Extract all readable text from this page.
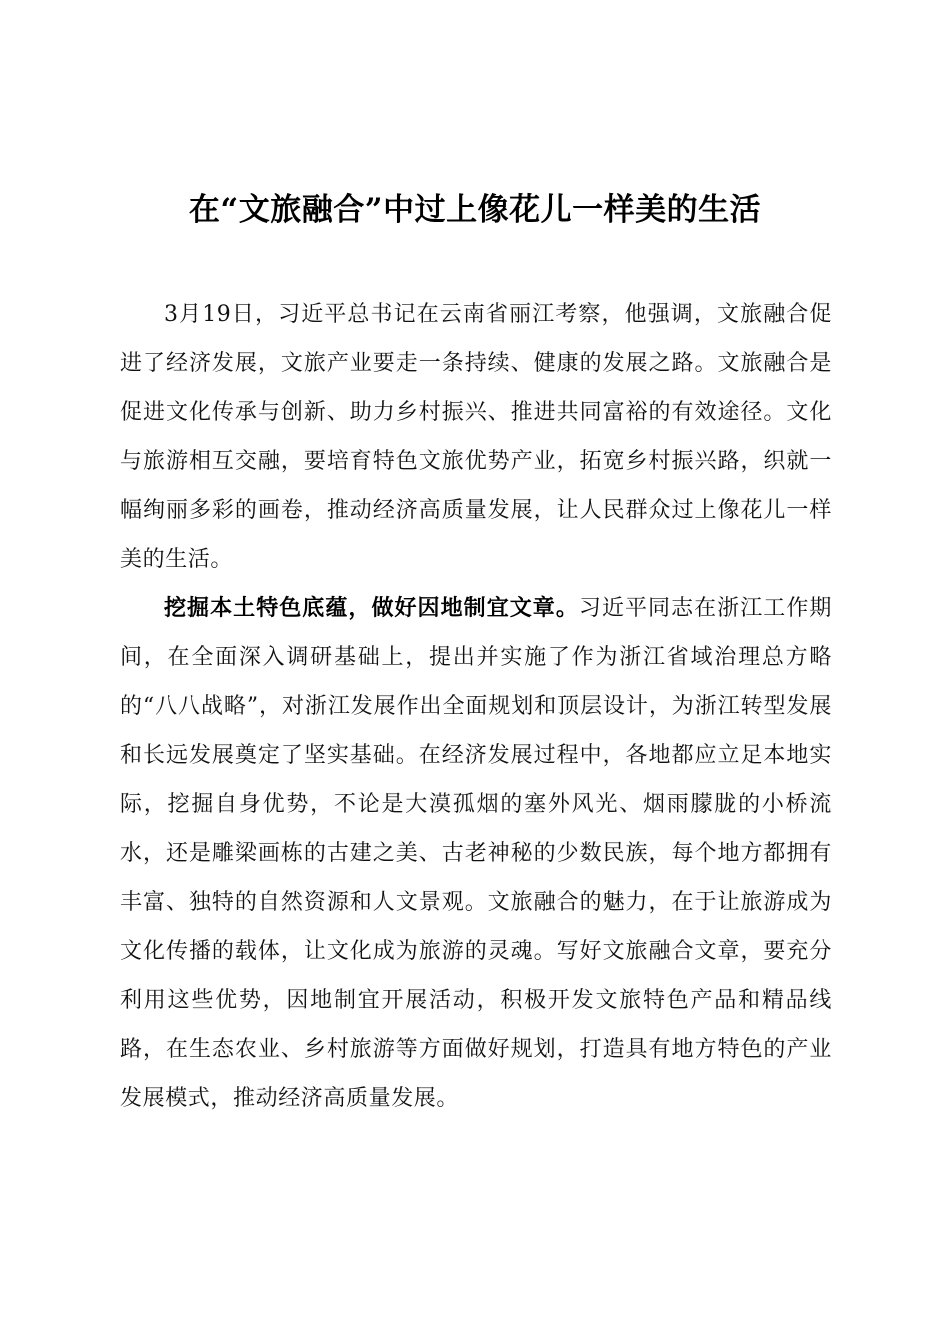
在“文旅融合”中过上像花儿一样美的生活

3月19日，习近平总书记在云南省丽江考察，他强调，文旅融合促进了经济发展，文旅产业要走一条持续、健康的发展之路。文旅融合是促进文化传承与创新、助力乡村振兴、推进共同富裕的有效途径。文化与旅游相互交融，要培育特色文旅优势产业，拓宽乡村振兴路，织就一幅绚丽多彩的画卷，推动经济高质量发展，让人民群众过上像花儿一样美的生活。

挖掘本土特色底蕴，做好因地制宜文章。习近平同志在浙江工作期间，在全面深入调研基础上，提出并实施了作为浙江省域治理总方略的“八八战略”，对浙江发展作出全面规划和顶层设计，为浙江转型发展和长远发展奠定了坚实基础。在经济发展过程中，各地都应立足本地实际，挖掘自身优势，不论是大漠孤烟的塞外风光、烟雨朦胧的小桥流水，还是雕梁画栋的古建之美、古老神秘的少数民族，每个地方都拥有丰富、独特的自然资源和人文景观。文旅融合的魅力，在于让旅游成为文化传播的载体，让文化成为旅游的灵魂。写好文旅融合文章，要充分利用这些优势，因地制宜开展活动，积极开发文旅特色产品和精品线路，在生态农业、乡村旅游等方面做好规划，打造具有地方特色的产业发展模式，推动经济高质量发展。
